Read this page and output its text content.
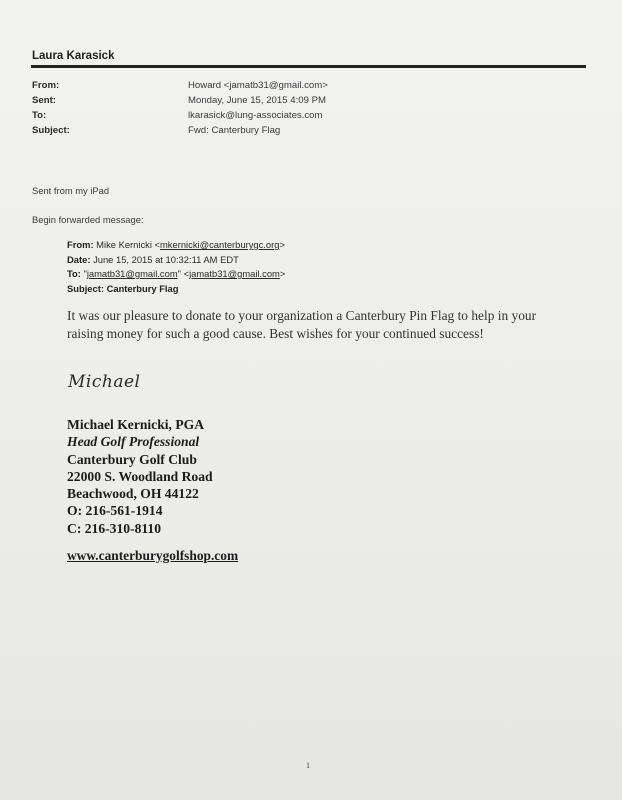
Laura Karasick
From:	Howard <jamatb31@gmail.com>
Sent:	Monday, June 15, 2015 4:09 PM
To:	lkarasick@lung-associates.com
Subject:	Fwd: Canterbury Flag
Sent from my iPad
Begin forwarded message:
From: Mike Kernicki <mkernicki@canterburygc.org>
Date: June 15, 2015 at 10:32:11 AM EDT
To: "jamatb31@gmail.com" <jamatb31@gmail.com>
Subject: Canterbury Flag
It was our pleasure to donate to your organization a Canterbury Pin Flag to help in your raising money for such a good cause. Best wishes for your continued success!
Michael
Michael Kernicki, PGA
Head Golf Professional
Canterbury Golf Club
22000 S. Woodland Road
Beachwood, OH 44122
O: 216-561-1914
C: 216-310-8110
www.canterburygolfshop.com
1
